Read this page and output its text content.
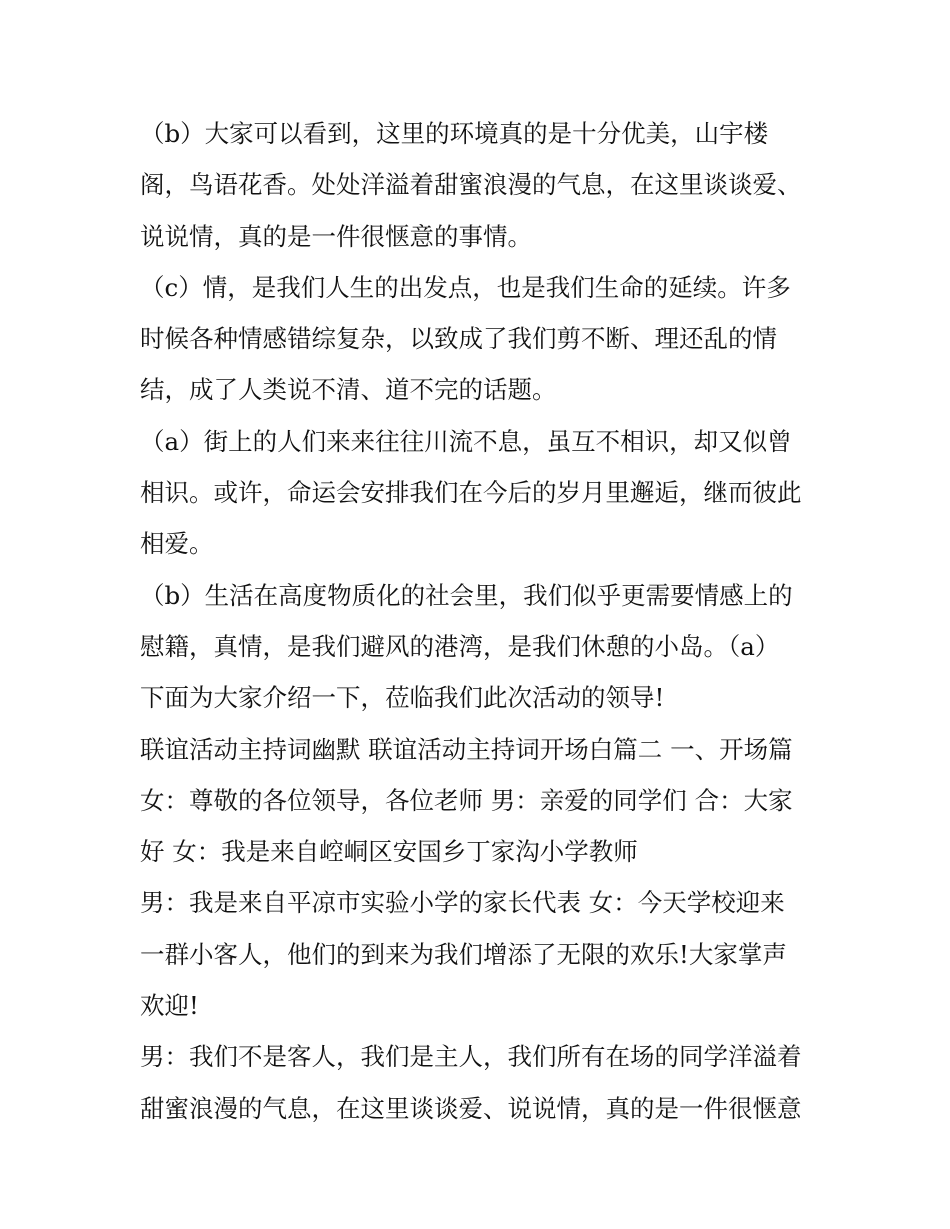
（b）大家可以看到，这里的环境真的是十分优美，山宇楼
阁，鸟语花香。处处洋溢着甜蜜浪漫的气息，在这里谈谈爱、
说说情，真的是一件很惬意的事情。
（c）情，是我们人生的出发点，也是我们生命的延续。许多
时候各种情感错综复杂，以致成了我们剪不断、理还乱的情
结，成了人类说不清、道不完的话题。
（a）街上的人们来来往往川流不息，虽互不相识，却又似曾
相识。或许，命运会安排我们在今后的岁月里邂逅，继而彼此
相爱。
（b）生活在高度物质化的社会里，我们似乎更需要情感上的
慰籍，真情，是我们避风的港湾，是我们休憩的小岛。（a）
下面为大家介绍一下，莅临我们此次活动的领导!
联谊活动主持词幽默 联谊活动主持词开场白篇二 一、开场篇
女：尊敬的各位领导，各位老师 男：亲爱的同学们 合：大家
好 女：我是来自崆峒区安国乡丁家沟小学教师
男：我是来自平凉市实验小学的家长代表 女：今天学校迎来
一群小客人，他们的到来为我们增添了无限的欢乐!大家掌声
欢迎!
男：我们不是客人，我们是主人，我们所有在场的同学洋溢着
甜蜜浪漫的气息，在这里谈谈爱、说说情，真的是一件很惬意
